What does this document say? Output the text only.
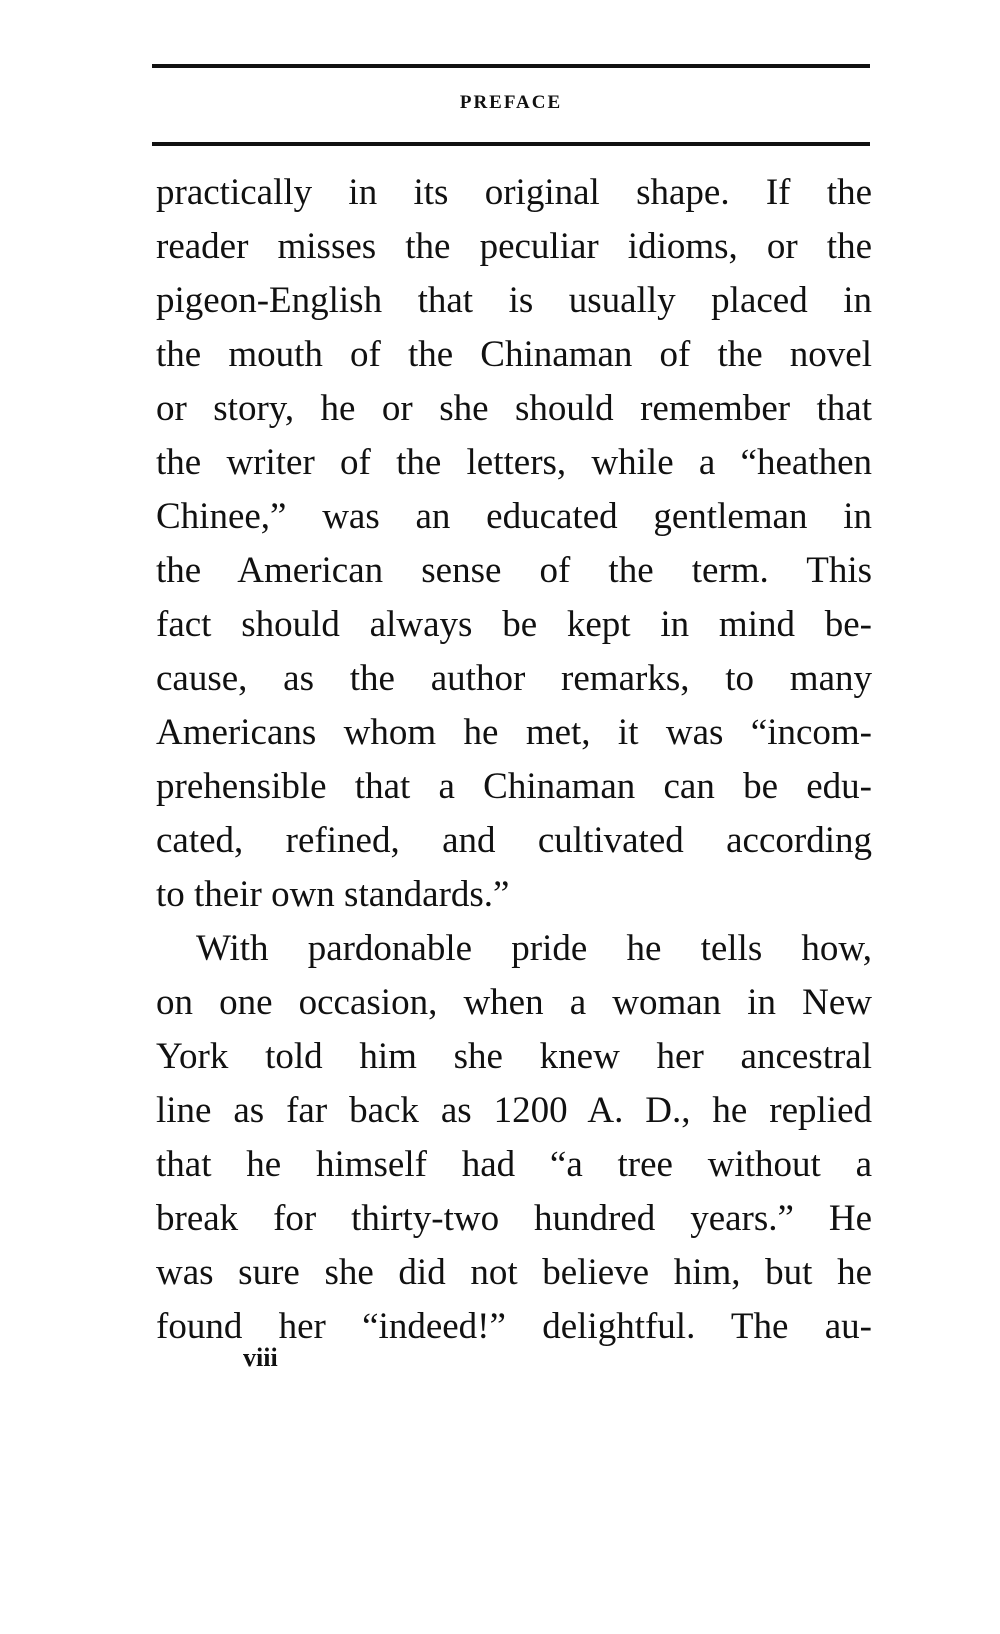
PREFACE
practically in its original shape. If the
reader misses the peculiar idioms, or the
pigeon-English that is usually placed in
the mouth of the Chinaman of the novel
or story, he or she should remember that
the writer of the letters, while a “heathen
Chinee,” was an educated gentleman in
the American sense of the term. This
fact should always be kept in mind be-
cause, as the author remarks, to many
Americans whom he met, it was “incom-
prehensible that a Chinaman can be edu-
cated, refined, and cultivated according
to their own standards.”
With pardonable pride he tells how,
on one occasion, when a woman in New
York told him she knew her ancestral
line as far back as 1200 A. D., he replied
that he himself had “a tree without a
break for thirty-two hundred years.” He
was sure she did not believe him, but he
found her “indeed!” delightful. The au-
viii
